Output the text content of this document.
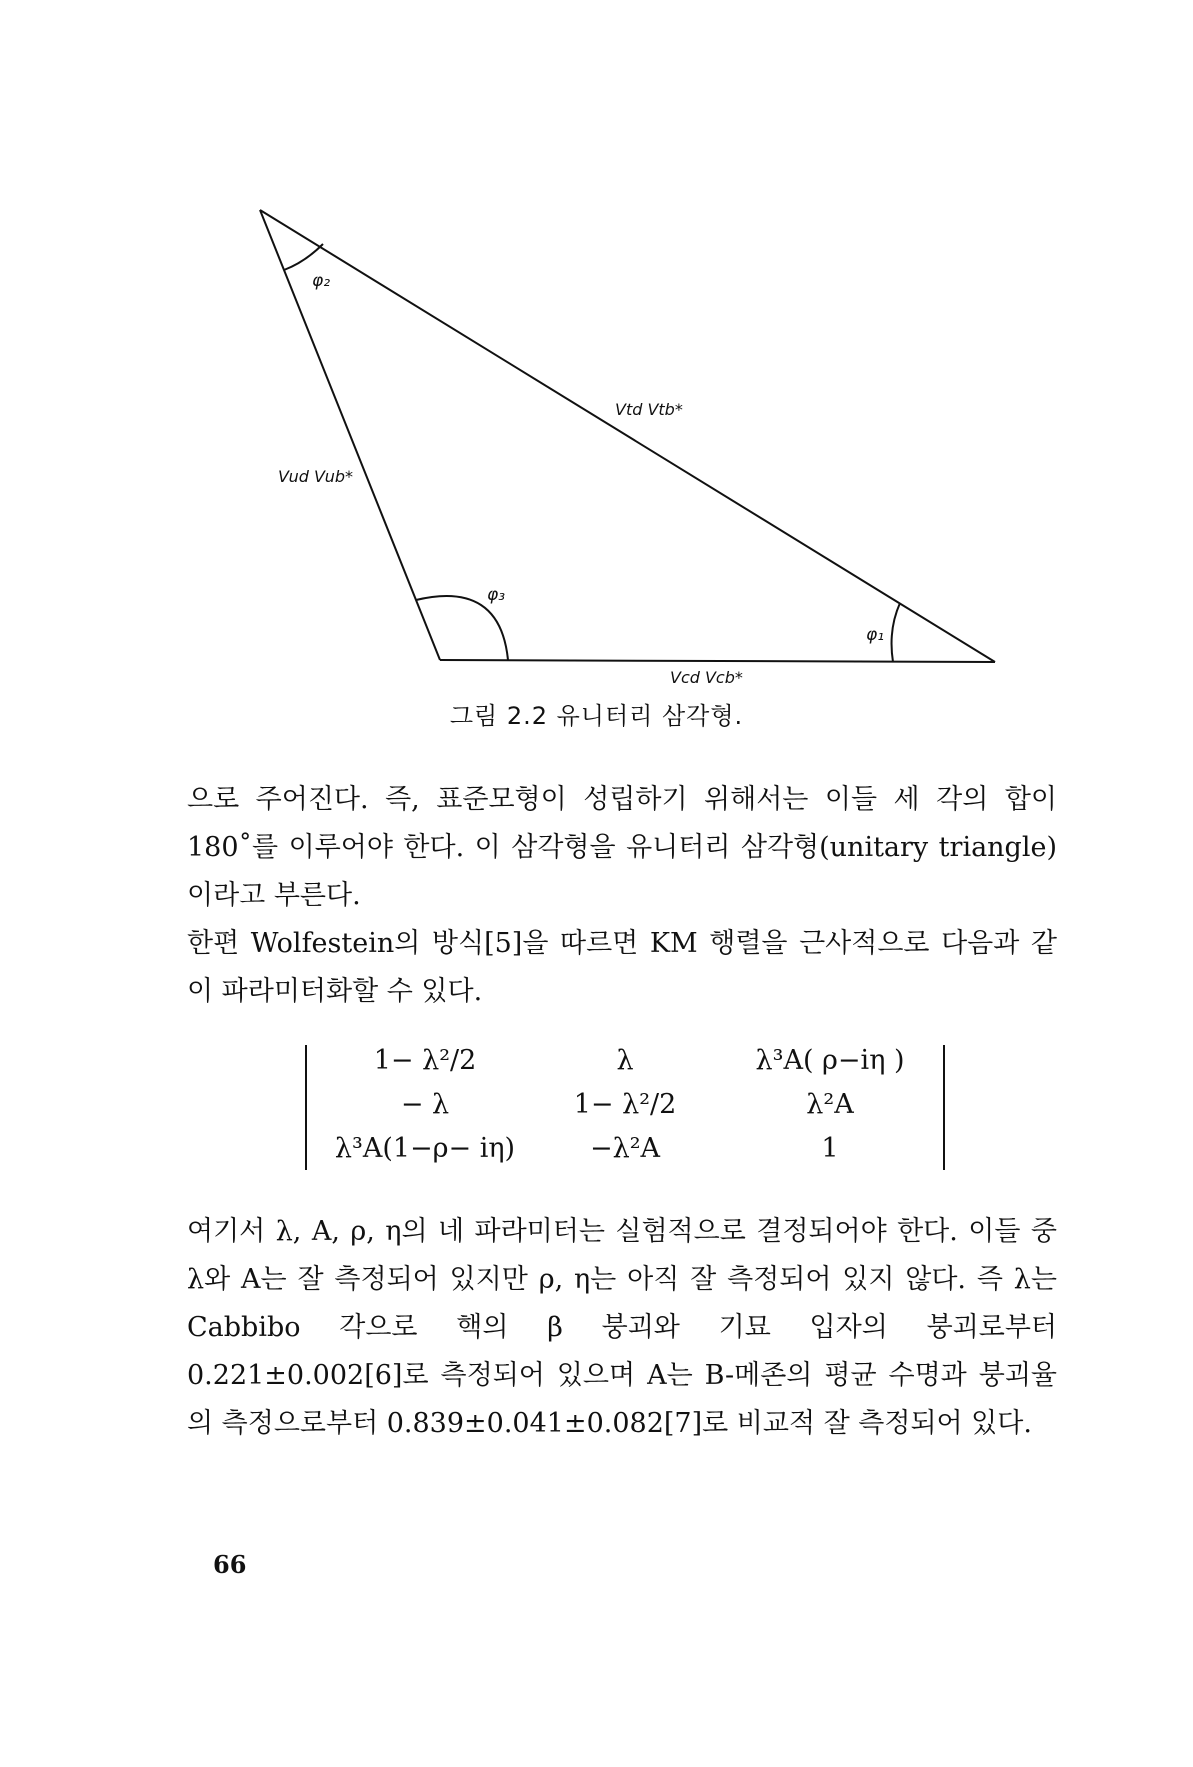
φ₂
φ₃
φ₁
Vud Vub*
Vtd Vtb*
Vcd Vcb*
그림 2.2 유니터리 삼각형.

으로 주어진다. 즉, 표준모형이 성립하기 위해서는 이들 세 각의 합이 180˚를 이루어야 한다. 이 삼각형을 유니터리 삼각형(unitary triangle)이라고 부른다.

한편 Wolfestein의 방식[5]을 따르면 KM 행렬을 근사적으로 다음과 같이 파라미터화할 수 있다.

1− λ²/2	λ	λ³A( ρ−iη )
− λ	1− λ²/2	λ²A
λ³A(1−ρ− iη)	−λ²A	1

여기서 λ, A, ρ, η의 네 파라미터는 실험적으로 결정되어야 한다. 이들 중 λ와 A는 잘 측정되어 있지만 ρ, η는 아직 잘 측정되어 있지 않다. 즉 λ는 Cabbibo 각으로 핵의 β 붕괴와 기묘 입자의 붕괴로부터 0.221±0.002[6]로 측정되어 있으며 A는 B-메존의 평균 수명과 붕괴율의 측정으로부터 0.839±0.041±0.082[7]로 비교적 잘 측정되어 있다.

66
